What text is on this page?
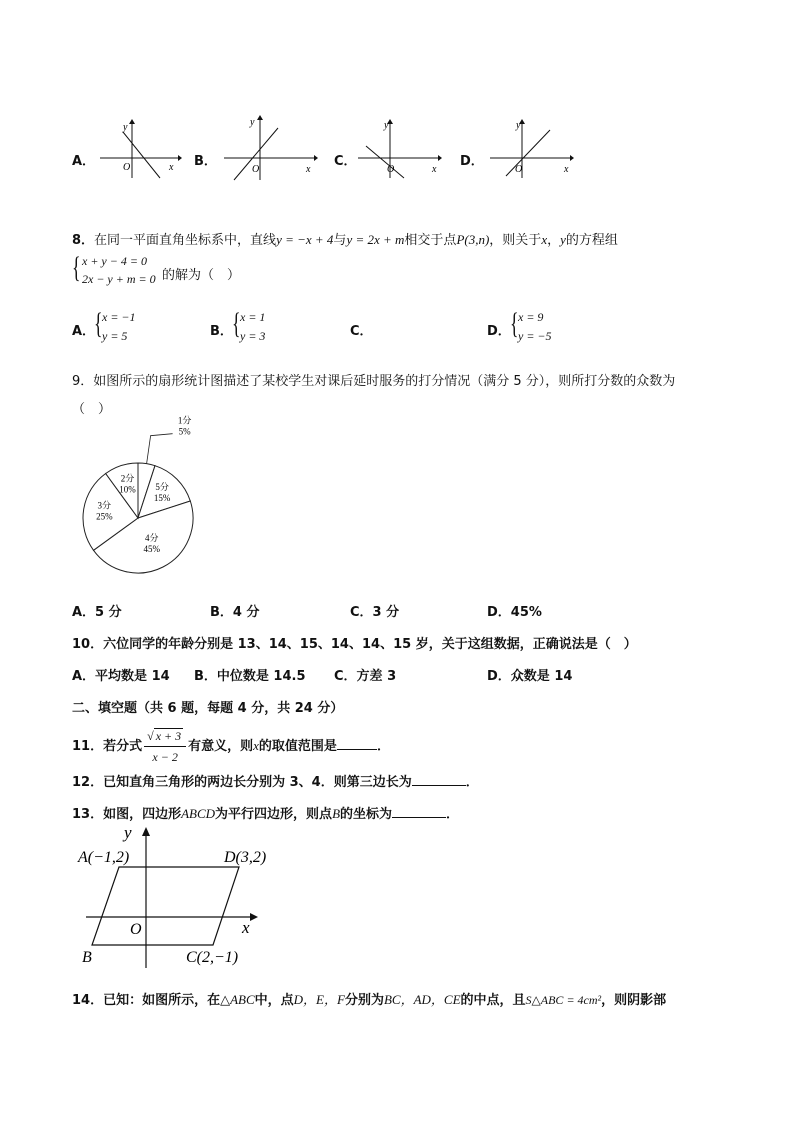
A．
y
x
O	B．
y
x
O
C．
y
x
O
D．
y
x
O
8．在同一平面直角坐标系中，直线y = −x + 4与y = 2x + m相交于点P(3,n)，则关于x，y的方程组
{ x + y − 4 = 0
2x − y + m = 0 的解为（　）
A．
{ x = −1
y = 5	B． { x = 1
y = 3	C．	D． { x = 9
y = −5
9．如图所示的扇形统计图描述了某校学生对课后延时服务的打分情况（满分 5 分），则所打分数的众数为
（　）
1分
5%
5分
15%
4分
45%
3分
25%
2分
10%
A．5 分	B．4 分	C．3 分	D．45%
10．六位同学的年龄分别是 13、14、15、14、14、15 岁，关于这组数据，正确说法是（　）
A．平均数是 14 B．中位数是 14.5 C．方差 3	D．众数是 14
二、填空题（共 6 题，每题 4 分，共 24 分）
11．若分式 $\frac{√ x + 3}{x - 2}$ 有意义，则x的取值范围是	．
12．已知直角三角形的两边长分别为 3、4．则第三边长为	．
13．如图，四边形ABCD为平行四边形，则点B的坐标为	．
y
x
O
A(−1,2)	D(3,2)
B	C(2,−1)
14．已知：如图所示，在△ABC中，点D，E，F分别为BC，AD，CE的中点，且S△ABC = 4cm²，则阴影部
